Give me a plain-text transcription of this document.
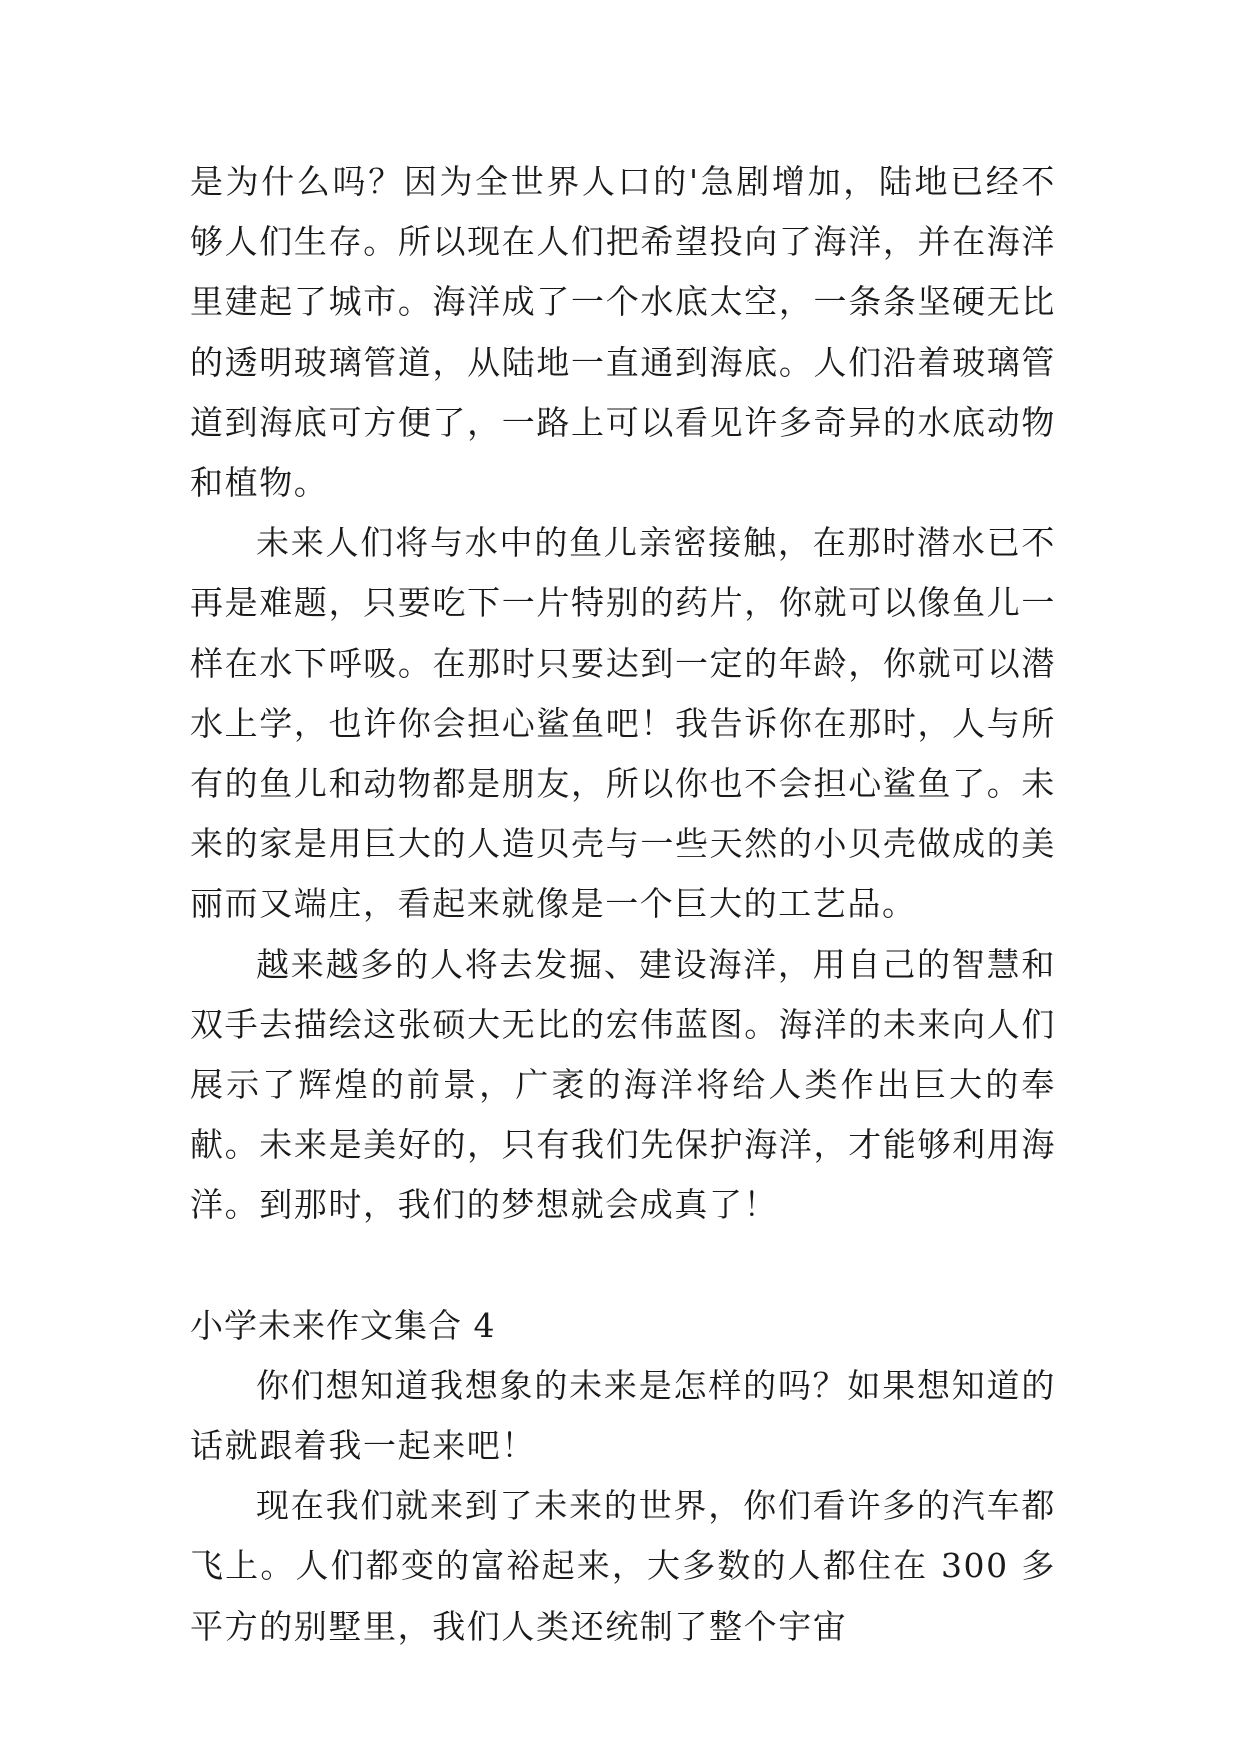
是为什么吗？因为全世界人口的'急剧增加，陆地已经不够人们生存。所以现在人们把希望投向了海洋，并在海洋里建起了城市。海洋成了一个水底太空，一条条坚硬无比的透明玻璃管道，从陆地一直通到海底。人们沿着玻璃管道到海底可方便了，一路上可以看见许多奇异的水底动物和植物。

未来人们将与水中的鱼儿亲密接触，在那时潜水已不再是难题，只要吃下一片特别的药片，你就可以像鱼儿一样在水下呼吸。在那时只要达到一定的年龄，你就可以潜水上学，也许你会担心鲨鱼吧！我告诉你在那时，人与所有的鱼儿和动物都是朋友，所以你也不会担心鲨鱼了。未来的家是用巨大的人造贝壳与一些天然的小贝壳做成的美丽而又端庄，看起来就像是一个巨大的工艺品。

越来越多的人将去发掘、建设海洋，用自己的智慧和双手去描绘这张硕大无比的宏伟蓝图。海洋的未来向人们展示了辉煌的前景，广袤的海洋将给人类作出巨大的奉献。未来是美好的，只有我们先保护海洋，才能够利用海洋。到那时，我们的梦想就会成真了！

小学未来作文集合 4

你们想知道我想象的未来是怎样的吗？如果想知道的话就跟着我一起来吧！

现在我们就来到了未来的世界，你们看许多的汽车都飞上。人们都变的富裕起来，大多数的人都住在 300 多平方的别墅里，我们人类还统制了整个宇宙
